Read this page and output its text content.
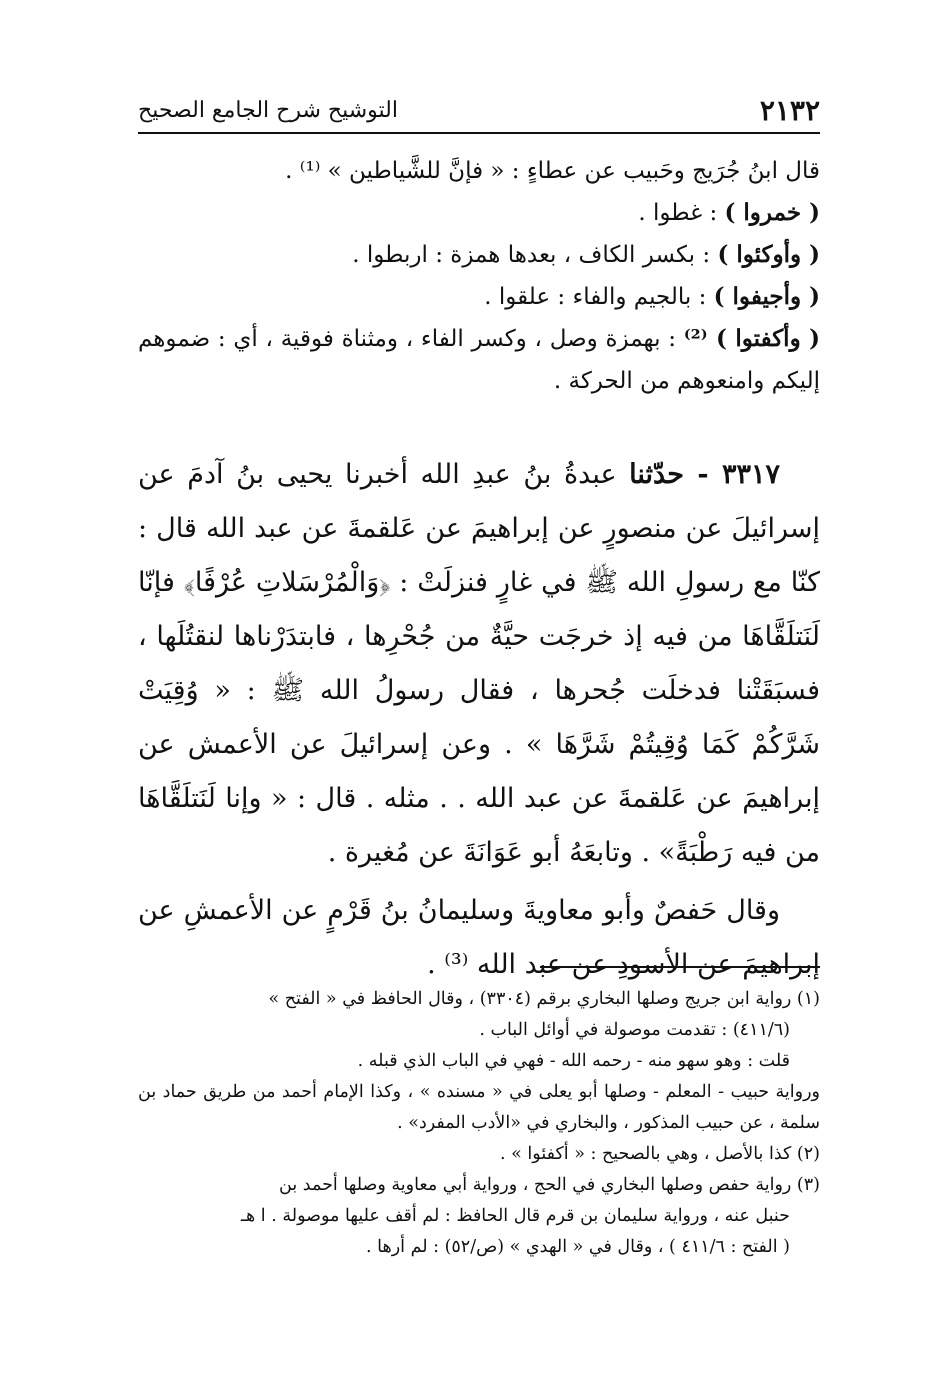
٢١٣٢
التوشيح شرح الجامع الصحيح

قال ابنُ جُرَيج وحَبيب عن عطاءٍ : « فإنَّ للشَّياطين » ⁽¹⁾ .

( خمروا ) : غطوا .

( وأوكئوا ) : بكسر الكاف ، بعدها همزة : اربطوا .

( وأجيفوا ) : بالجيم والفاء : علقوا .

( وأكفتوا ) ⁽²⁾ : بهمزة وصل ، وكسر الفاء ، ومثناة فوقية ، أي : ضموهم إليكم وامنعوهم من الحركة .

٣٣١٧ - حدّثنا عبدةُ بنُ عبدِ الله أخبرنا يحيى بنُ آدمَ عن إسرائيلَ عن منصورٍ عن إبراهيمَ عن عَلقمةَ عن عبد الله قال : كنّا مع رسولِ الله ﷺ في غارٍ فنزلَتْ : ﴿وَالْمُرْسَلاتِ عُرْفًا﴾ فإنّا لَنَتلَقَّاهَا من فيه إذ خرجَت حيَّةٌ من جُحْرِها ، فابتدَرْناها لنقتُلَها ، فسبَقَتْنا فدخلَت جُحرها ، فقال رسولُ الله ﷺ : « وُقِيَتْ شَرَّكُمْ كَمَا وُقِيتُمْ شَرَّهَا » . وعن إسرائيلَ عن الأعمش عن إبراهيمَ عن عَلقمةَ عن عبد الله . . مثله . قال : « وإنا لَنَتلَقَّاهَا من فيه رَطْبَةً» . وتابعَهُ أبو عَوَانَةَ عن مُغيرة .

وقال حَفصٌ وأبو معاويةَ وسليمانُ بنُ قَرْمٍ عن الأعمشِ عن إبراهيمَ عن الأسودِ عن عبد الله ⁽³⁾ .

(١) رواية ابن جريج وصلها البخاري برقم (٣٣٠٤) ، وقال الحافظ في « الفتح »

(٤١١/٦) : تقدمت موصولة في أوائل الباب .

قلت : وهو سهو منه - رحمه الله - فهي في الباب الذي قبله .

ورواية حبيب - المعلم - وصلها أبو يعلى في « مسنده » ، وكذا الإمام أحمد من طريق حماد بن سلمة ، عن حبيب المذكور ، والبخاري في «الأدب المفرد» .

(٢) كذا بالأصل ، وهي بالصحيح : « أكفئوا » .

(٣) رواية حفص وصلها البخاري في الحج ، ورواية أبي معاوية وصلها أحمد بن

حنبل عنه ، ورواية سليمان بن قرم قال الحافظ : لم أقف عليها موصولة . ا هـ

( الفتح : ٤١١/٦ ) ، وقال في « الهدي » (ص/٥٢) : لم أرها .
